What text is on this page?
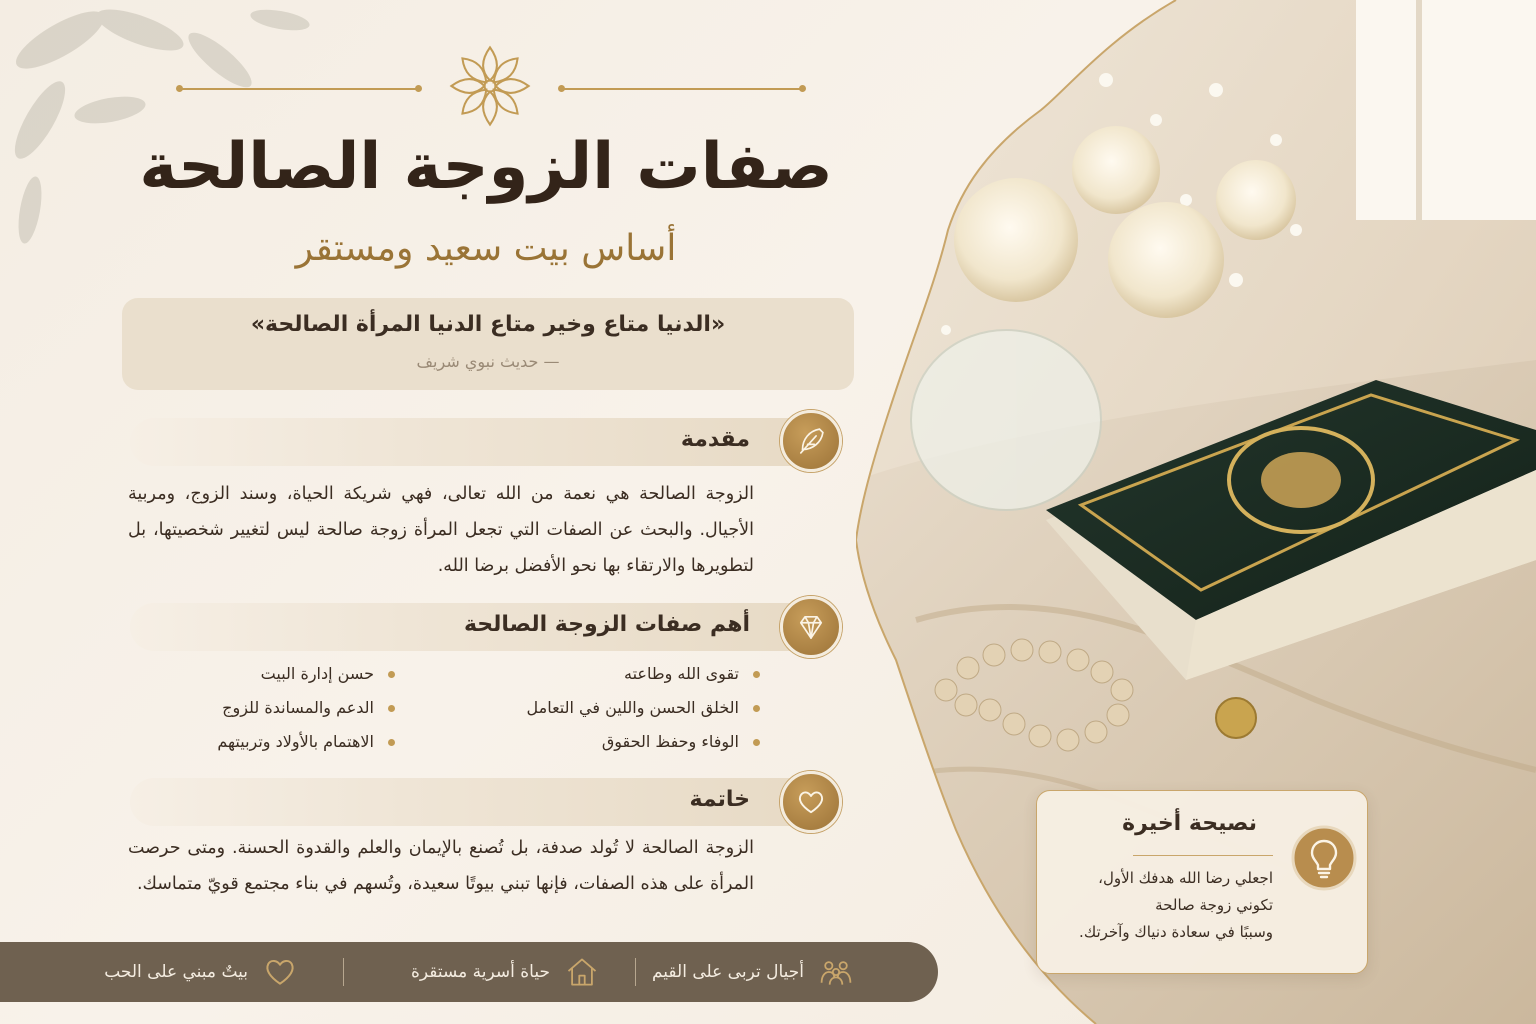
صفات الزوجة الصالحة
أساس بيت سعيد ومستقر
«الدنيا متاع وخير متاع الدنيا المرأة الصالحة»
— حديث نبوي شريف
مقدمة

الزوجة الصالحة هي نعمة من الله تعالى، فهي شريكة الحياة، وسند الزوج، ومربية الأجيال. والبحث عن الصفات التي تجعل المرأة زوجة صالحة ليس لتغيير شخصيتها، بل لتطويرها والارتقاء بها نحو الأفضل برضا الله.

أهم صفات الزوجة الصالحة
تقوى الله وطاعته
الخلق الحسن واللين في التعامل
الوفاء وحفظ الحقوق
حسن إدارة البيت
الدعم والمساندة للزوج
الاهتمام بالأولاد وتربيتهم
خاتمة

الزوجة الصالحة لا تُولد صدفة، بل تُصنع بالإيمان والعلم والقدوة الحسنة. ومتى حرصت المرأة على هذه الصفات، فإنها تبني بيوتًا سعيدة، وتُسهم في بناء مجتمع قويّ متماسك.

أجيال تربى على القيم
حياة أسرية مستقرة
بيتٌ مبني على الحب
نصيحة أخيرة
اجعلي رضا الله هدفك الأول،
تكوني زوجة صالحة
وسببًا في سعادة دنياك وآخرتك.
